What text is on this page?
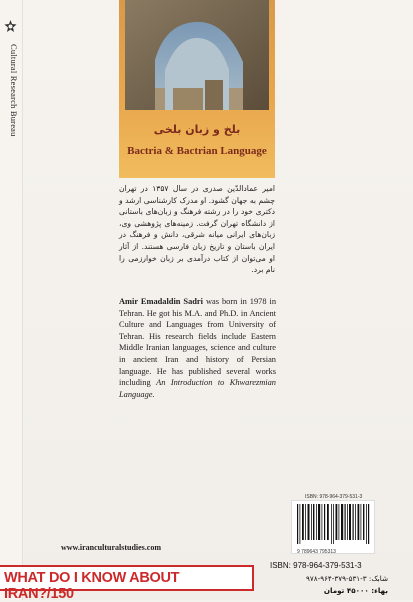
Cultural Research Bureau	بلخ و زبان بلخی
Bactria & Bactrian Language
امیر عمادالدّین صدری در سال ۱۳۵۷ در تهران چشم به جهان گشود. او مدرک کارشناسی ارشد و دکتری خود را در رشته فرهنگ و زبان‌های باستانی از دانشگاه تهران گرفت. زمینه‌های پژوهشی وی، زبان‌های ایرانی میانه شرقی، دانش و فرهنگ در ایران باستان و تاریخ زبان فارسی هستند. از آثار او می‌توان از کتاب درآمدی بر زبان خوارزمی را نام برد.
Amir Emadaldin Sadri was born in 1978 in Tehran. He got his M.A. and Ph.D. in Ancient Culture and Languages from University of Tehran. His research fields include Eastern Middle Iranian languages, science and culture in ancient Iran and history of Persian language. He has published several works including An Introduction to Khwarezmian Language.
ISBN: 978-964-379-531-3
9 789643 795313
www.iranculturalstudies.com
WHAT DO I KNOW ABOUT IRAN?/150
ISBN: 978-964-379-531-3
شابک: ۳-۵۳۱-۳۷۹-۹۶۴-۹۷۸
بهاء: ۴۵۰۰۰ تومان
